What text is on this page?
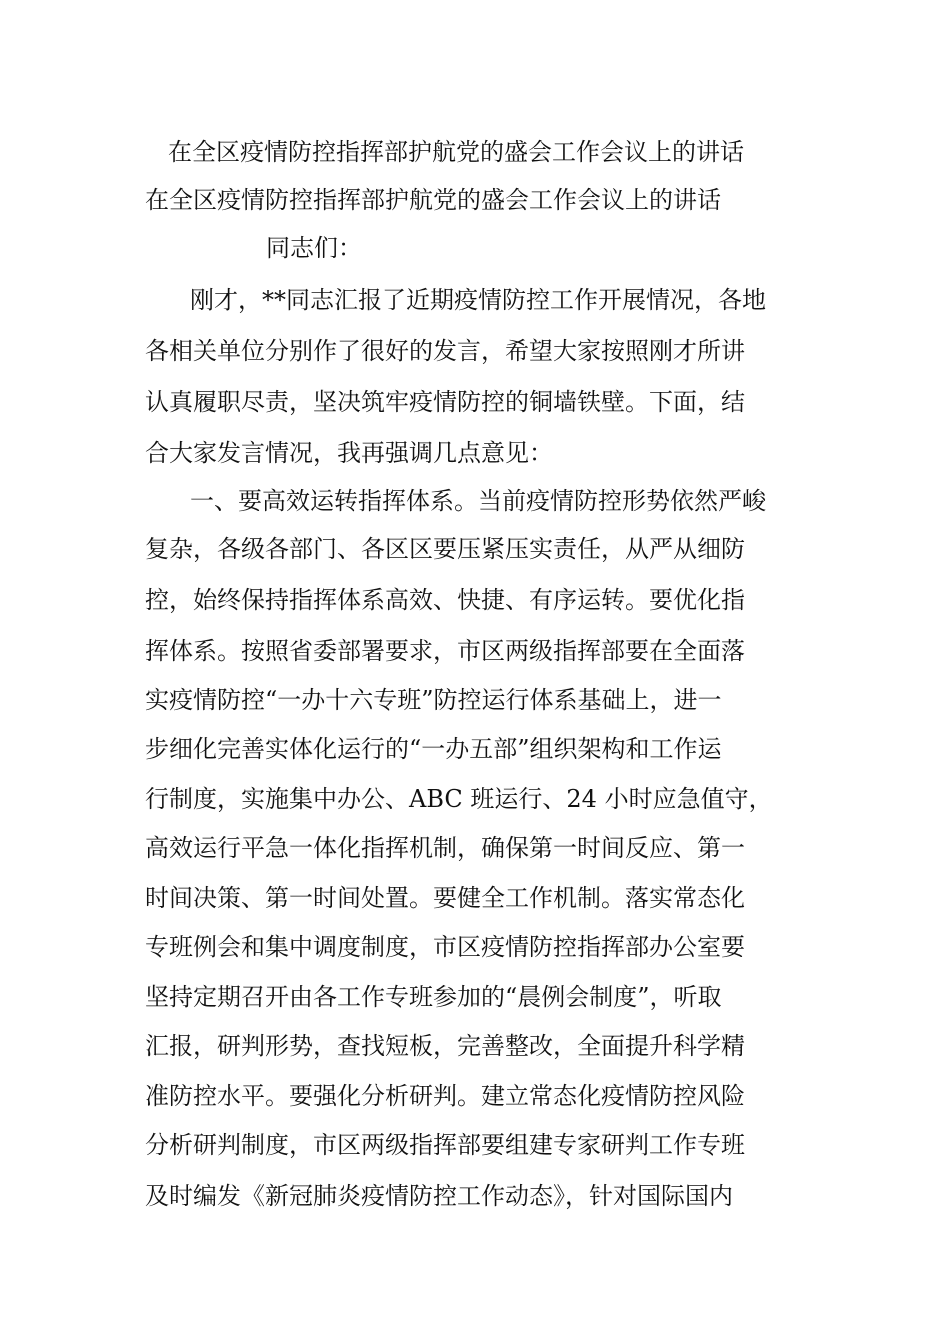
在全区疫情防控指挥部护航党的盛会工作会议上的讲话
在全区疫情防控指挥部护航党的盛会工作会议上的讲话
同志们：
刚才，**同志汇报了近期疫情防控工作开展情况，各地
各相关单位分别作了很好的发言，希望大家按照刚才所讲
认真履职尽责，坚决筑牢疫情防控的铜墙铁壁。下面，结
合大家发言情况，我再强调几点意见：
一、要高效运转指挥体系。当前疫情防控形势依然严峻
复杂，各级各部门、各区区要压紧压实责任，从严从细防
控，始终保持指挥体系高效、快捷、有序运转。要优化指
挥体系。按照省委部署要求，市区两级指挥部要在全面落
实疫情防控“一办十六专班”防控运行体系基础上，进一
步细化完善实体化运行的“一办五部”组织架构和工作运
行制度，实施集中办公、ABC 班运行、24 小时应急值守，
高效运行平急一体化指挥机制，确保第一时间反应、第一
时间决策、第一时间处置。要健全工作机制。落实常态化
专班例会和集中调度制度，市区疫情防控指挥部办公室要
坚持定期召开由各工作专班参加的“晨例会制度”，听取
汇报，研判形势，查找短板，完善整改，全面提升科学精
准防控水平。要强化分析研判。建立常态化疫情防控风险
分析研判制度，市区两级指挥部要组建专家研判工作专班
及时编发《新冠肺炎疫情防控工作动态》，针对国际国内
